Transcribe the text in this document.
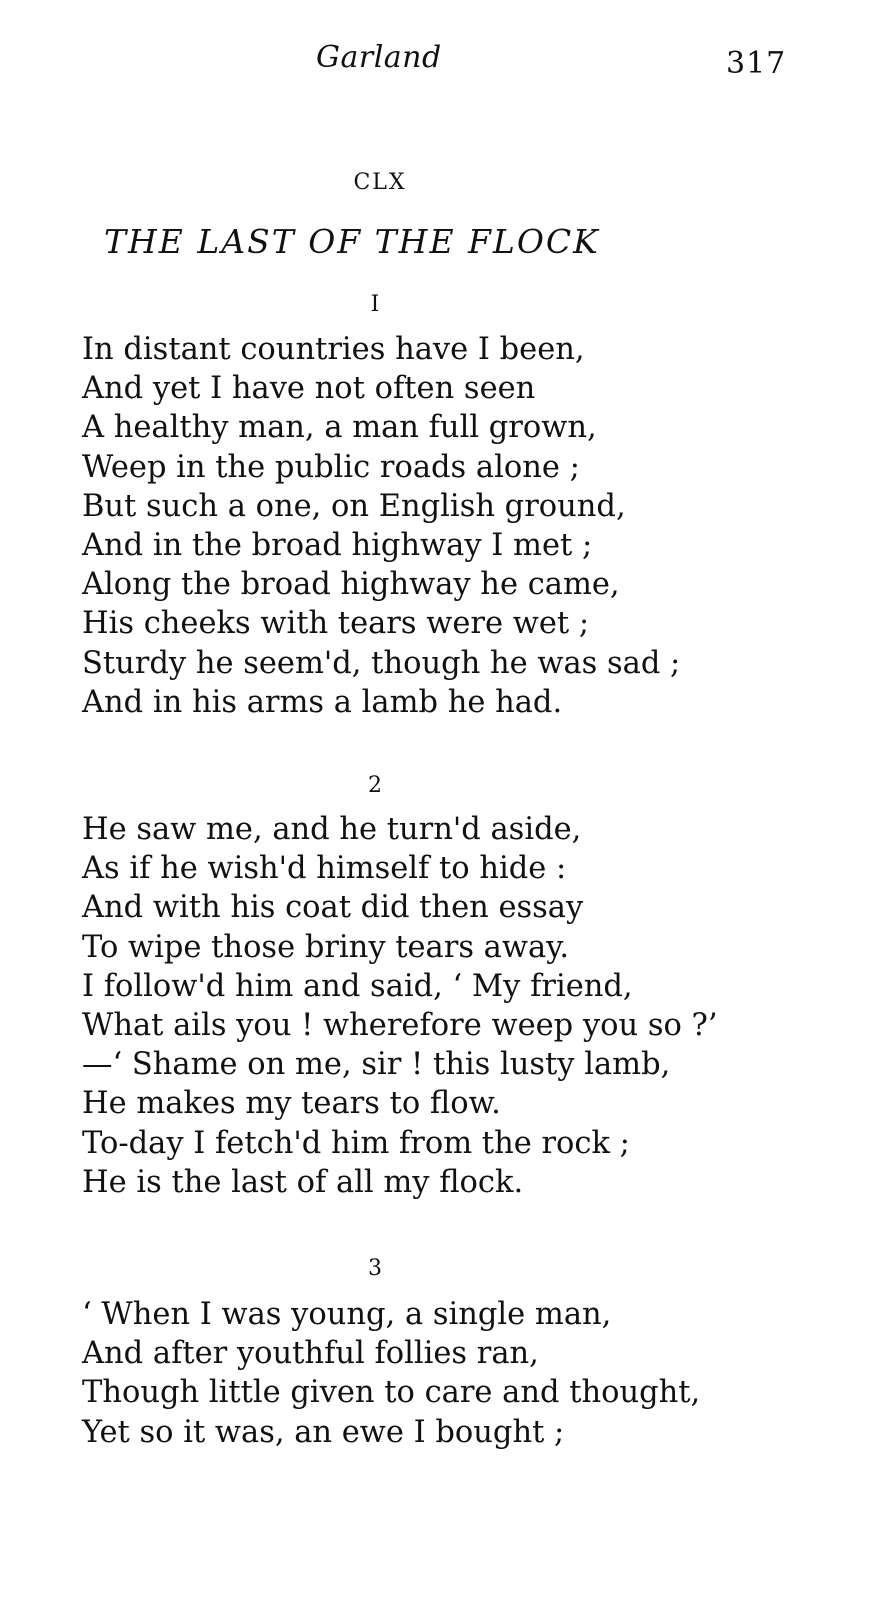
Garland	317
CLX
THE LAST OF THE FLOCK
I
In distant countries have I been,
And yet I have not often seen
A healthy man, a man full grown,
Weep in the public roads alone ;
But such a one, on English ground,
And in the broad highway I met ;
Along the broad highway he came,
His cheeks with tears were wet ;
Sturdy he seem'd, though he was sad ;
And in his arms a lamb he had.
2
He saw me, and he turn'd aside,
As if he wish'd himself to hide :
And with his coat did then essay
To wipe those briny tears away.
I follow'd him and said, ‘ My friend,
What ails you ! wherefore weep you so ?’
—‘ Shame on me, sir ! this lusty lamb,
He makes my tears to flow.
To-day I fetch'd him from the rock ;
He is the last of all my flock.
3
‘ When I was young, a single man,
And after youthful follies ran,
Though little given to care and thought,
Yet so it was, an ewe I bought ;
